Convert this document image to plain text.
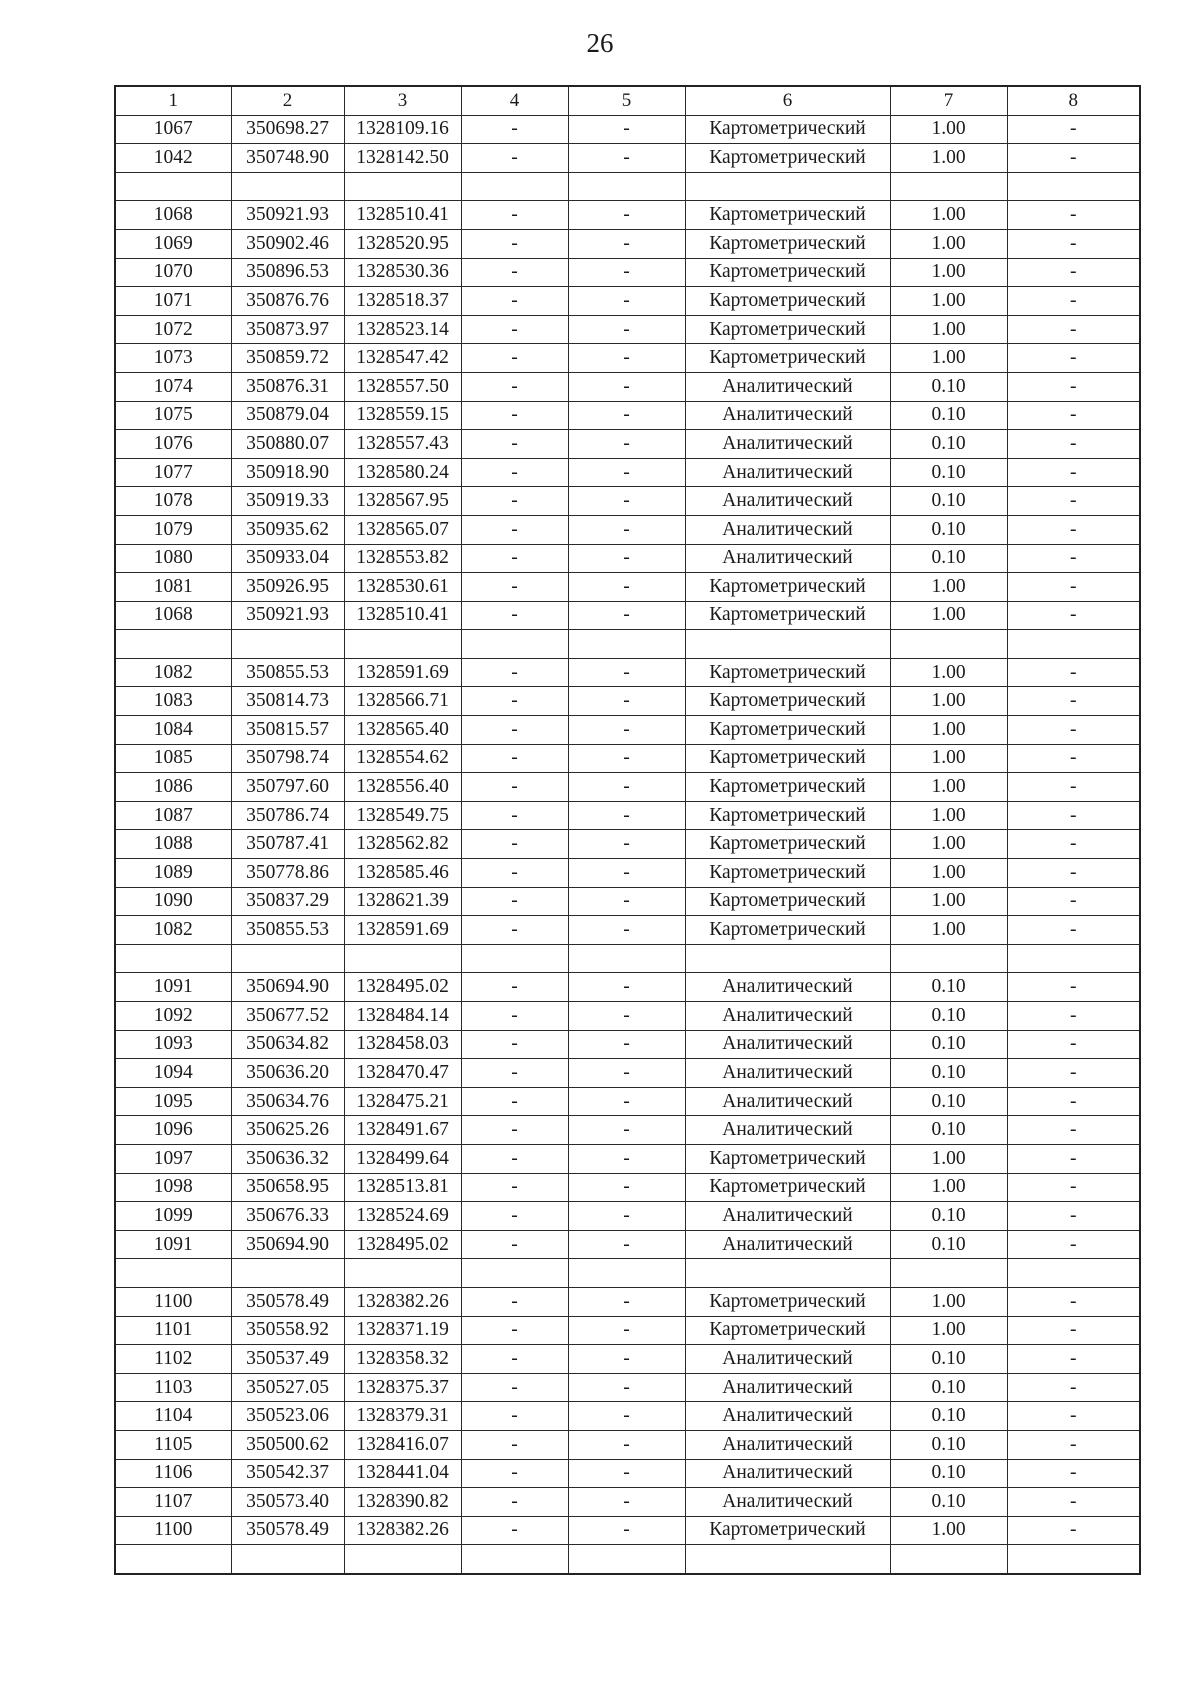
26
1	2	3	4	5	6	7	8
1067	350698.27	1328109.16	-	-	Картометрический	1.00	-
1042	350748.90	1328142.50	-	-	Картометрический	1.00	-

1068	350921.93	1328510.41	-	-	Картометрический	1.00	-
1069	350902.46	1328520.95	-	-	Картометрический	1.00	-
1070	350896.53	1328530.36	-	-	Картометрический	1.00	-
1071	350876.76	1328518.37	-	-	Картометрический	1.00	-
1072	350873.97	1328523.14	-	-	Картометрический	1.00	-
1073	350859.72	1328547.42	-	-	Картометрический	1.00	-
1074	350876.31	1328557.50	-	-	Аналитический	0.10	-
1075	350879.04	1328559.15	-	-	Аналитический	0.10	-
1076	350880.07	1328557.43	-	-	Аналитический	0.10	-
1077	350918.90	1328580.24	-	-	Аналитический	0.10	-
1078	350919.33	1328567.95	-	-	Аналитический	0.10	-
1079	350935.62	1328565.07	-	-	Аналитический	0.10	-
1080	350933.04	1328553.82	-	-	Аналитический	0.10	-
1081	350926.95	1328530.61	-	-	Картометрический	1.00	-
1068	350921.93	1328510.41	-	-	Картометрический	1.00	-

1082	350855.53	1328591.69	-	-	Картометрический	1.00	-
1083	350814.73	1328566.71	-	-	Картометрический	1.00	-
1084	350815.57	1328565.40	-	-	Картометрический	1.00	-
1085	350798.74	1328554.62	-	-	Картометрический	1.00	-
1086	350797.60	1328556.40	-	-	Картометрический	1.00	-
1087	350786.74	1328549.75	-	-	Картометрический	1.00	-
1088	350787.41	1328562.82	-	-	Картометрический	1.00	-
1089	350778.86	1328585.46	-	-	Картометрический	1.00	-
1090	350837.29	1328621.39	-	-	Картометрический	1.00	-
1082	350855.53	1328591.69	-	-	Картометрический	1.00	-

1091	350694.90	1328495.02	-	-	Аналитический	0.10	-
1092	350677.52	1328484.14	-	-	Аналитический	0.10	-
1093	350634.82	1328458.03	-	-	Аналитический	0.10	-
1094	350636.20	1328470.47	-	-	Аналитический	0.10	-
1095	350634.76	1328475.21	-	-	Аналитический	0.10	-
1096	350625.26	1328491.67	-	-	Аналитический	0.10	-
1097	350636.32	1328499.64	-	-	Картометрический	1.00	-
1098	350658.95	1328513.81	-	-	Картометрический	1.00	-
1099	350676.33	1328524.69	-	-	Аналитический	0.10	-
1091	350694.90	1328495.02	-	-	Аналитический	0.10	-

1100	350578.49	1328382.26	-	-	Картометрический	1.00	-
1101	350558.92	1328371.19	-	-	Картометрический	1.00	-
1102	350537.49	1328358.32	-	-	Аналитический	0.10	-
1103	350527.05	1328375.37	-	-	Аналитический	0.10	-
1104	350523.06	1328379.31	-	-	Аналитический	0.10	-
1105	350500.62	1328416.07	-	-	Аналитический	0.10	-
1106	350542.37	1328441.04	-	-	Аналитический	0.10	-
1107	350573.40	1328390.82	-	-	Аналитический	0.10	-
1100	350578.49	1328382.26	-	-	Картометрический	1.00	-
